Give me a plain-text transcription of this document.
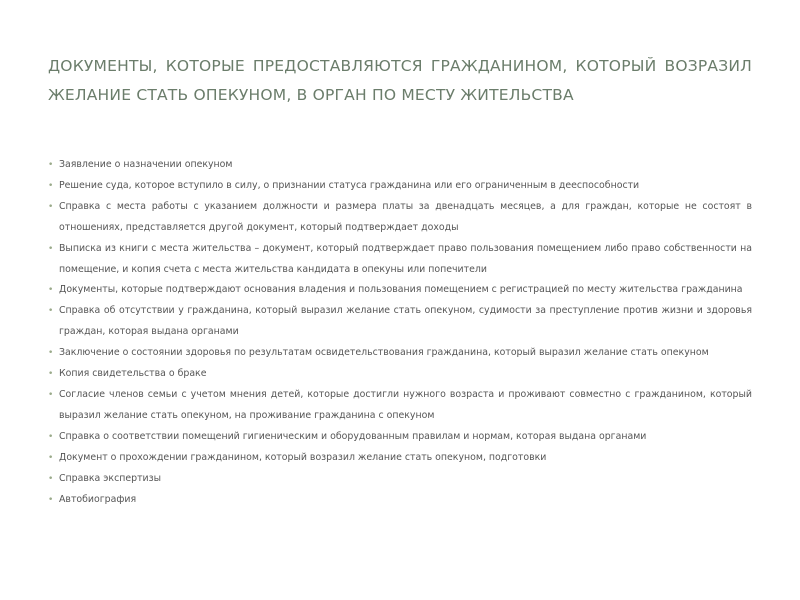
ДОКУМЕНТЫ, КОТОРЫЕ ПРЕДОСТАВЛЯЮТСЯ ГРАЖДАНИНОМ, КОТОРЫЙ ВОЗРАЗИЛ ЖЕЛАНИЕ СТАТЬ ОПЕКУНОМ, В ОРГАН ПО МЕСТУ ЖИТЕЛЬСТВА
• Заявление о назначении опекуном
• Решение суда, которое вступило в силу, о признании статуса гражданина или его ограниченным в дееспособности
• Справка с места работы с указанием должности и размера платы за двенадцать месяцев, а для граждан, которые не состоят в отношениях, представляется другой документ, который подтверждает доходы
• Выписка из книги с места жительства – документ, который подтверждает право пользования помещением либо право собственности на помещение, и копия счета с места жительства кандидата в опекуны или попечители
• Документы, которые подтверждают основания владения и пользования помещением с регистрацией по месту жительства гражданина
• Справка об отсутствии у гражданина, который выразил желание стать опекуном, судимости за преступление против жизни и здоровья граждан, которая выдана органами
• Заключение о состоянии здоровья по результатам освидетельствования гражданина, который выразил желание стать опекуном
• Копия свидетельства о браке
• Согласие членов семьи с учетом мнения детей, которые достигли нужного возраста и проживают совместно с гражданином, который выразил желание стать опекуном, на проживание гражданина с опекуном
• Справка о соответствии помещений гигиеническим и оборудованным правилам и нормам, которая выдана органами
• Документ о прохождении гражданином, который возразил желание стать опекуном, подготовки
• Справка экспертизы
• Автобиография
